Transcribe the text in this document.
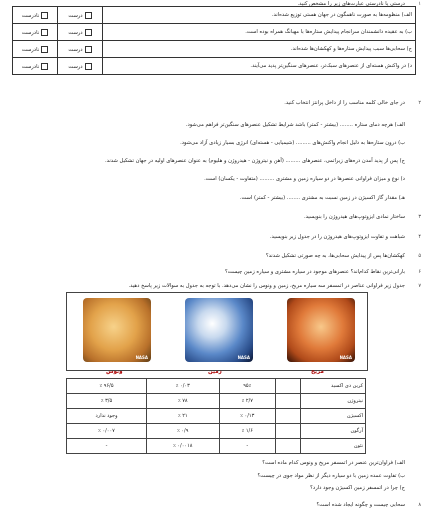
۱
درستی یا نادرستی عبارت‌های زیر را مشخص کنید.
الف) منظومه‌ها به صورت ناهمگون در جهان هستی توزیع شده‌اند.	درست	نادرست
ب) به عقیده دانشمندان سرانجام پیدایش ستاره‌ها با مهبانگ همراه بوده است.	درست	نادرست
ج) سحابی‌ها سبب پیدایش ستاره‌ها و کهکشان‌ها شده‌اند.	درست	نادرست
د) در واکنش هسته‌ای از عنصرهای سبک‌تر، عنصرهای سنگین‌تر پدید می‌آیند.	درست	نادرست
۲
در جای خالی کلمه مناسب را از داخل پرانتز انتخاب کنید.
الف) هرچه دمای ستاره ........ (بیشتر - کمتر) باشد شرایط تشکیل عنصرهای سنگین‌تر فراهم می‌شود.
ب) درون ستاره‌ها به دلیل انجام واکنش‌های ......... (شیمیایی - هسته‌ای) انرژی بسیار زیادی آزاد می‌شود.
ج) پس از پدید آمدن ذره‌های زیراتمی، عنصرهای ......... (آهن و نیتروژن - هیدروژن و هلیوم) به عنوان عنصرهای اولیه در جهان تشکیل شدند.
د) نوع و میزان فراوانی عنصرها در دو سیاره زمین و مشتری ......... (متفاوت - یکسان) است.
هـ) مقدار گاز اکسیژن در زمین نسبت به مشتری ........ (بیشتر - کمتر) است.
۳
ساختار نمادی ایزوتوپ‌های هیدروژن را بنویسید.
۴
شباهت و تفاوت ایزوتوپ‌های هیدروژن را در جدول زیر بنویسید.
۵
کهکشان‌ها پس از پیدایش سحابی‌ها، به چه صورتی تشکیل شدند؟
۶
بارانی‌ترین نقاط کدام‌اند؟ عنصرهای موجود در سیاره مشتری و سیاره زمین چیست؟
۷
جدول زیر فراوانی عناصر در اتمسفر سه سیاره مریخ، زمین و ونوس را نشان می‌دهد. با توجه به جدول به سوالات زیر پاسخ دهید.
NASA	NASA	NASA
ونوس	زمین	مریخ
کربن دی اکسید		۹۵٪	۰/۰۳ ٪	۹۶/۵ ٪
نیتروژن		۲/۷ ٪	۷۸ ٪	۳/۵ ٪
اکسیژن		۰/۱۳ ٪	۲۱ ٪	وجود ندارد
آرگون		۱/۶ ٪	۰/۹ ٪	۰/۰۰۷ ٪
نئون		-	۰/۰۰۱۸ ٪	-
الف) فراوان‌ترین عنصر در اتمسفر مریخ و ونوس کدام ماده است؟
ب) تفاوت عمده زمین با دو سیاره دیگر از نظر مواد جوی در چیست؟
ج) چرا در اتمسفر زمین اکسیژن وجود دارد؟
۸
سحابی چیست و چگونه ایجاد شده است؟
